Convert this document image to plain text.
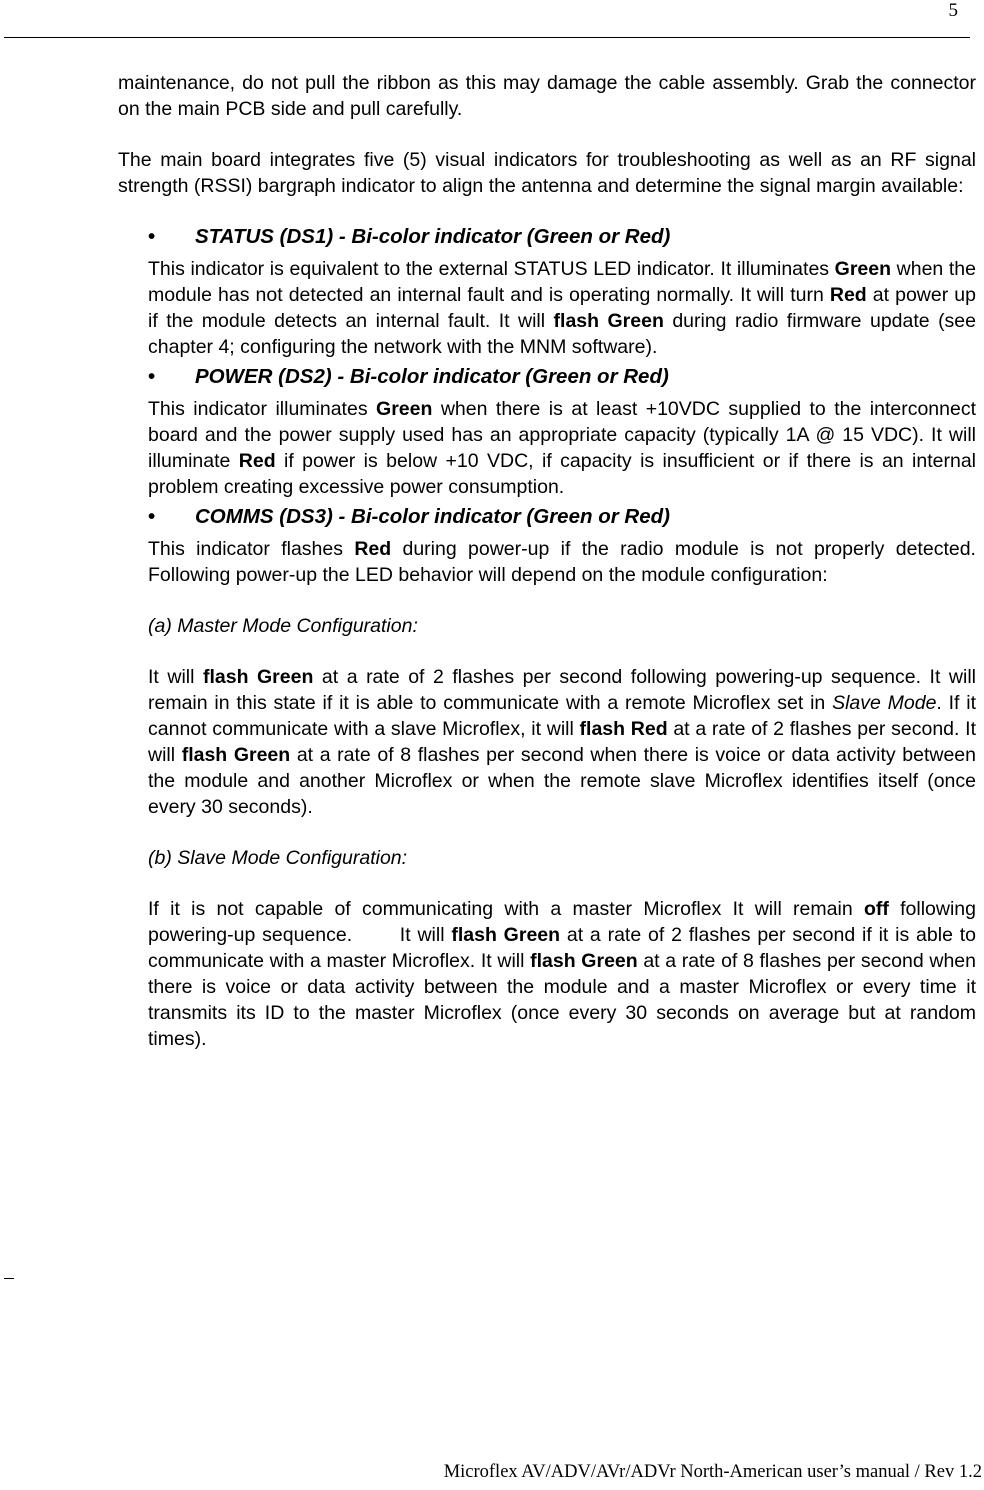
5

maintenance, do not pull the ribbon as this may damage the cable assembly. Grab the connector on the main PCB side and pull carefully.

The main board integrates five (5) visual indicators for troubleshooting as well as an RF signal strength (RSSI) bargraph indicator to align the antenna and determine the signal margin available:

• STATUS (DS1) - Bi-color indicator (Green or Red)

This indicator is equivalent to the external STATUS LED indicator. It illuminates Green when the module has not detected an internal fault and is operating normally. It will turn Red at power up if the module detects an internal fault. It will flash Green during radio firmware update (see chapter 4; configuring the network with the MNM software).

• POWER (DS2) - Bi-color indicator (Green or Red)

This indicator illuminates Green when there is at least +10VDC supplied to the interconnect board and the power supply used has an appropriate capacity (typically 1A @ 15 VDC). It will illuminate Red if power is below +10 VDC, if capacity is insufficient or if there is an internal problem creating excessive power consumption.

• COMMS (DS3) - Bi-color indicator (Green or Red)

This indicator flashes Red during power-up if the radio module is not properly detected. Following power-up the LED behavior will depend on the module configuration:

(a) Master Mode Configuration:

It will flash Green at a rate of 2 flashes per second following powering-up sequence. It will remain in this state if it is able to communicate with a remote Microflex set in Slave Mode. If it cannot communicate with a slave Microflex, it will flash Red at a rate of 2 flashes per second. It will flash Green at a rate of 8 flashes per second when there is voice or data activity between the module and another Microflex or when the remote slave Microflex identifies itself (once every 30 seconds).

(b) Slave Mode Configuration:

If it is not capable of communicating with a master Microflex It will remain off following powering-up sequence.       It will flash Green at a rate of 2 flashes per second if it is able to communicate with a master Microflex. It will flash Green at a rate of 8 flashes per second when there is voice or data activity between the module and a master Microflex or every time it transmits its ID to the master Microflex (once every 30 seconds on average but at random times).

Microflex AV/ADV/AVr/ADVr North-American user’s manual / Rev 1.2
